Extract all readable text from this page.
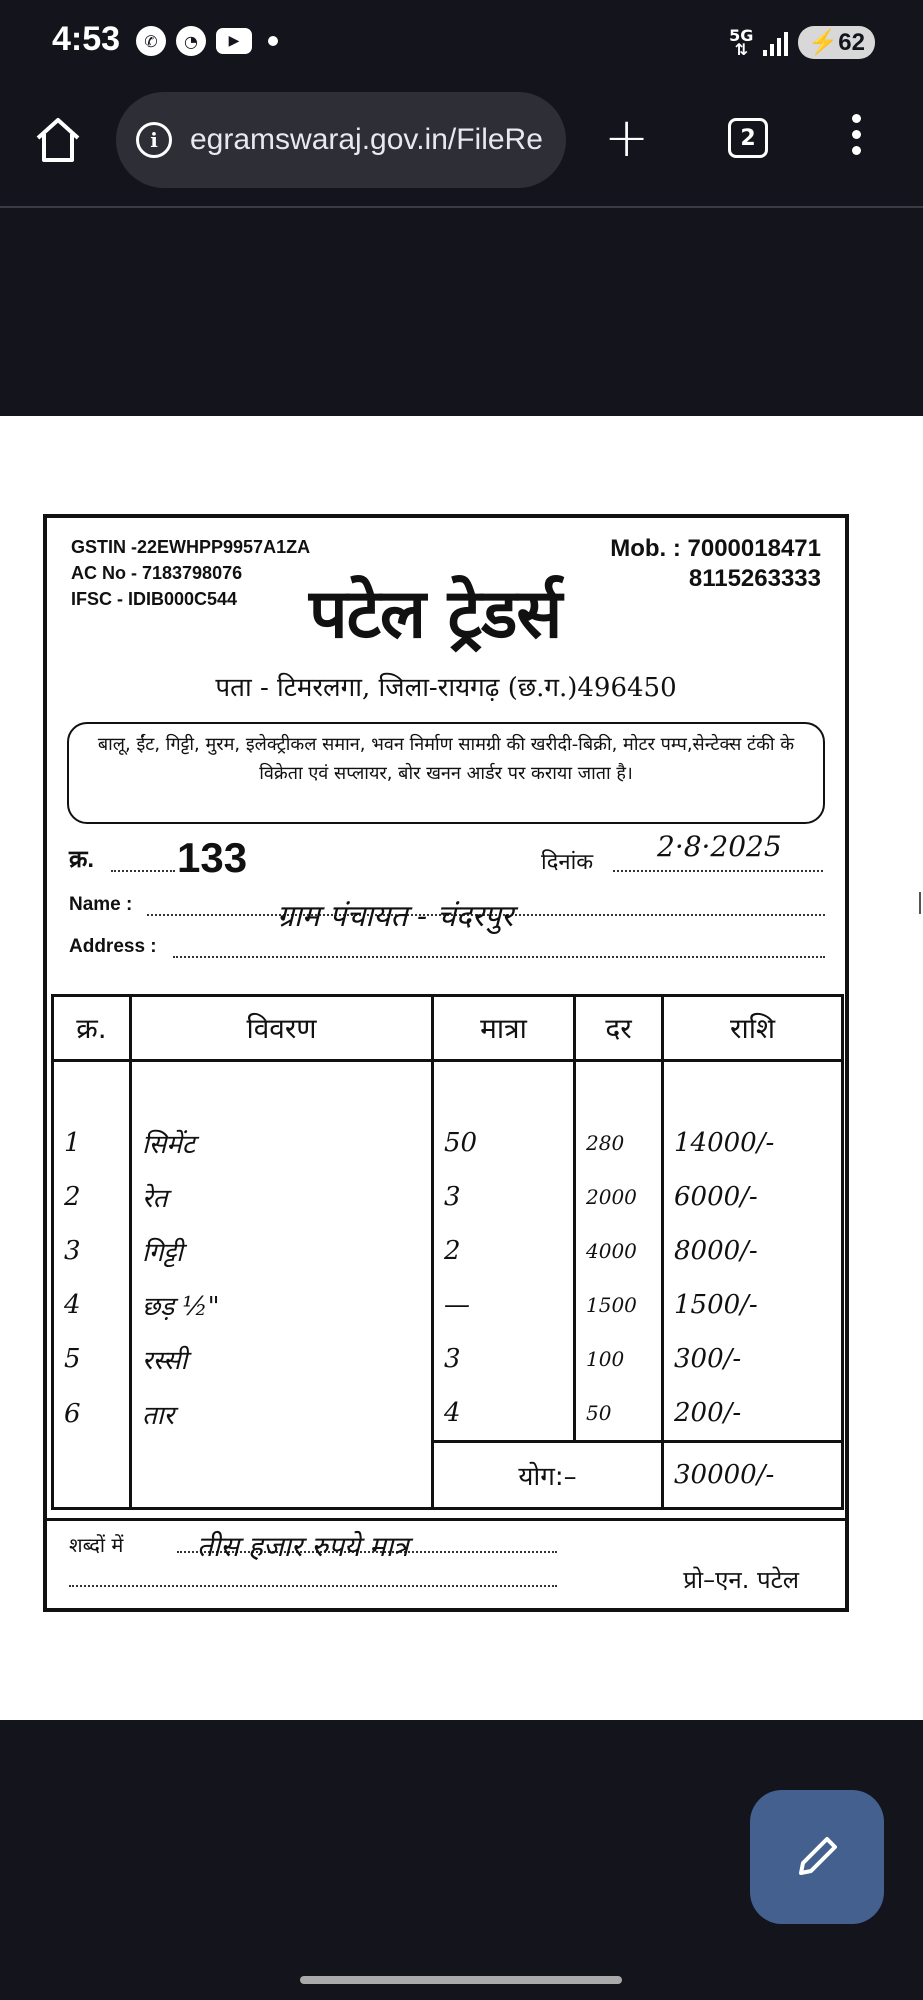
4:53	✆	◔	▶	5G
⇅	⚡62
i	egramswaraj.gov.in/FileRe +	2
GSTIN -22EWHPP9957A1ZA
AC No - 7183798076
IFSC - IDIB000C544
Mob. : 7000018471
8115263333
पटेल ट्रेडर्स
पता - टिमरलगा, जिला-रायगढ़ (छ.ग.)496450
बालू, ईंट, गिट्टी, मुरम, इलेक्ट्रीकल समान, भवन निर्माण सामग्री की खरीदी-बिक्री, मोटर पम्प,सेन्टेक्स टंकी के विक्रेता एवं सप्लायर, बोर खनन आर्डर पर कराया जाता है।
क्र. 133	दिनांक 2·8·2025
Name :	ग्राम पंचायत - चंदरपुर
Address :
क्र.	विवरण	मात्रा	दर	राशि

1	सिमेंट	50	280	14000/-
2	रेत	3	2000	6000/-
3	गिट्टी	2	4000	8000/-
4	छड़ ½"	—	1500	1500/-
5	रस्सी	3	100	300/-
6	तार	4	50	200/-
		योग:–		30000/-
शब्दों में	तीस हजार रुपये मात्र
प्रो–एन. पटेल
